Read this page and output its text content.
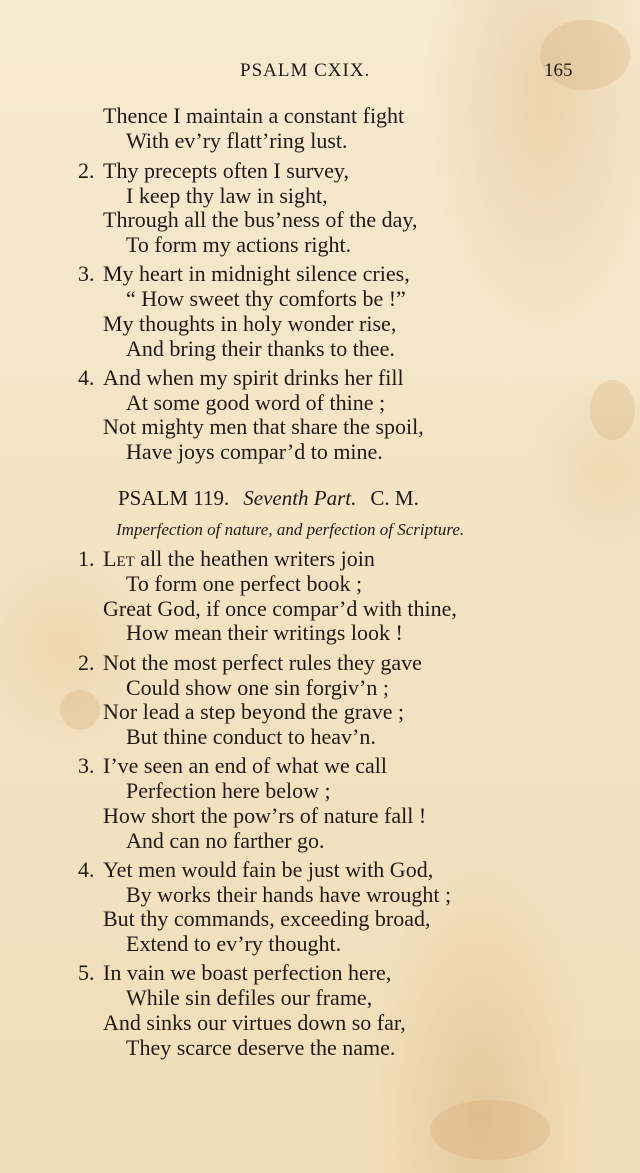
PSALM CXIX.	165
Thence I maintain a constant fight
With ev’ry flatt’ring lust.
2. Thy precepts often I survey,
I keep thy law in sight,
Through all the bus’ness of the day,
To form my actions right.
3. My heart in midnight silence cries,
“ How sweet thy comforts be !”
My thoughts in holy wonder rise,
And bring their thanks to thee.
4. And when my spirit drinks her fill
At some good word of thine ;
Not mighty men that share the spoil,
Have joys compar’d to mine.
PSALM 119. Seventh Part. C. M.
Imperfection of nature, and perfection of Scripture.
1. Let all the heathen writers join
To form one perfect book ;
Great God, if once compar’d with thine,
How mean their writings look !
2. Not the most perfect rules they gave
Could show one sin forgiv’n ;
Nor lead a step beyond the grave ;
But thine conduct to heav’n.
3. I’ve seen an end of what we call
Perfection here below ;
How short the pow’rs of nature fall !
And can no farther go.
4. Yet men would fain be just with God,
By works their hands have wrought ;
But thy commands, exceeding broad,
Extend to ev’ry thought.
5. In vain we boast perfection here,
While sin defiles our frame,
And sinks our virtues down so far,
They scarce deserve the name.
